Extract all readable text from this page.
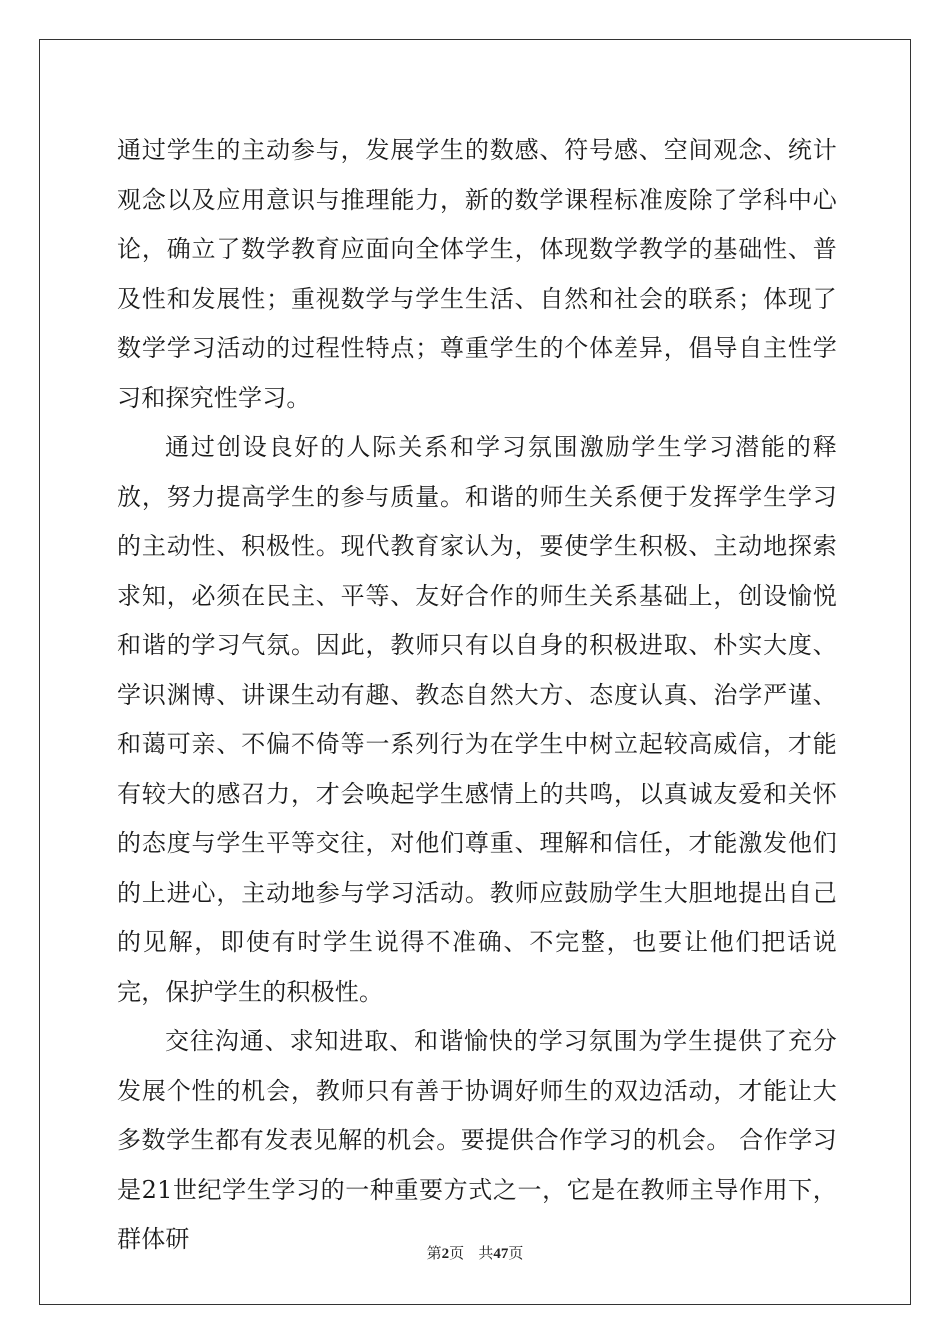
通过学生的主动参与，发展学生的数感、符号感、空间观念、统计观念以及应用意识与推理能力，新的数学课程标准废除了学科中心论，确立了数学教育应面向全体学生，体现数学教学的基础性、普及性和发展性；重视数学与学生生活、自然和社会的联系；体现了数学学习活动的过程性特点；尊重学生的个体差异，倡导自主性学习和探究性学习。

通过创设良好的人际关系和学习氛围激励学生学习潜能的释放，努力提高学生的参与质量。和谐的师生关系便于发挥学生学习的主动性、积极性。现代教育家认为，要使学生积极、主动地探索求知，必须在民主、平等、友好合作的师生关系基础上，创设愉悦和谐的学习气氛。因此，教师只有以自身的积极进取、朴实大度、学识渊博、讲课生动有趣、教态自然大方、态度认真、治学严谨、和蔼可亲、不偏不倚等一系列行为在学生中树立起较高威信，才能有较大的感召力，才会唤起学生感情上的共鸣，以真诚友爱和关怀的态度与学生平等交往，对他们尊重、理解和信任，才能激发他们的上进心，主动地参与学习活动。教师应鼓励学生大胆地提出自己的见解，即使有时学生说得不准确、不完整，也要让他们把话说完，保护学生的积极性。

交往沟通、求知进取、和谐愉快的学习氛围为学生提供了充分发展个性的机会，教师只有善于协调好师生的双边活动，才能让大多数学生都有发表见解的机会。要提供合作学习的机会。 合作学习是21世纪学生学习的一种重要方式之一，它是在教师主导作用下，群体研	第2页 共47页
